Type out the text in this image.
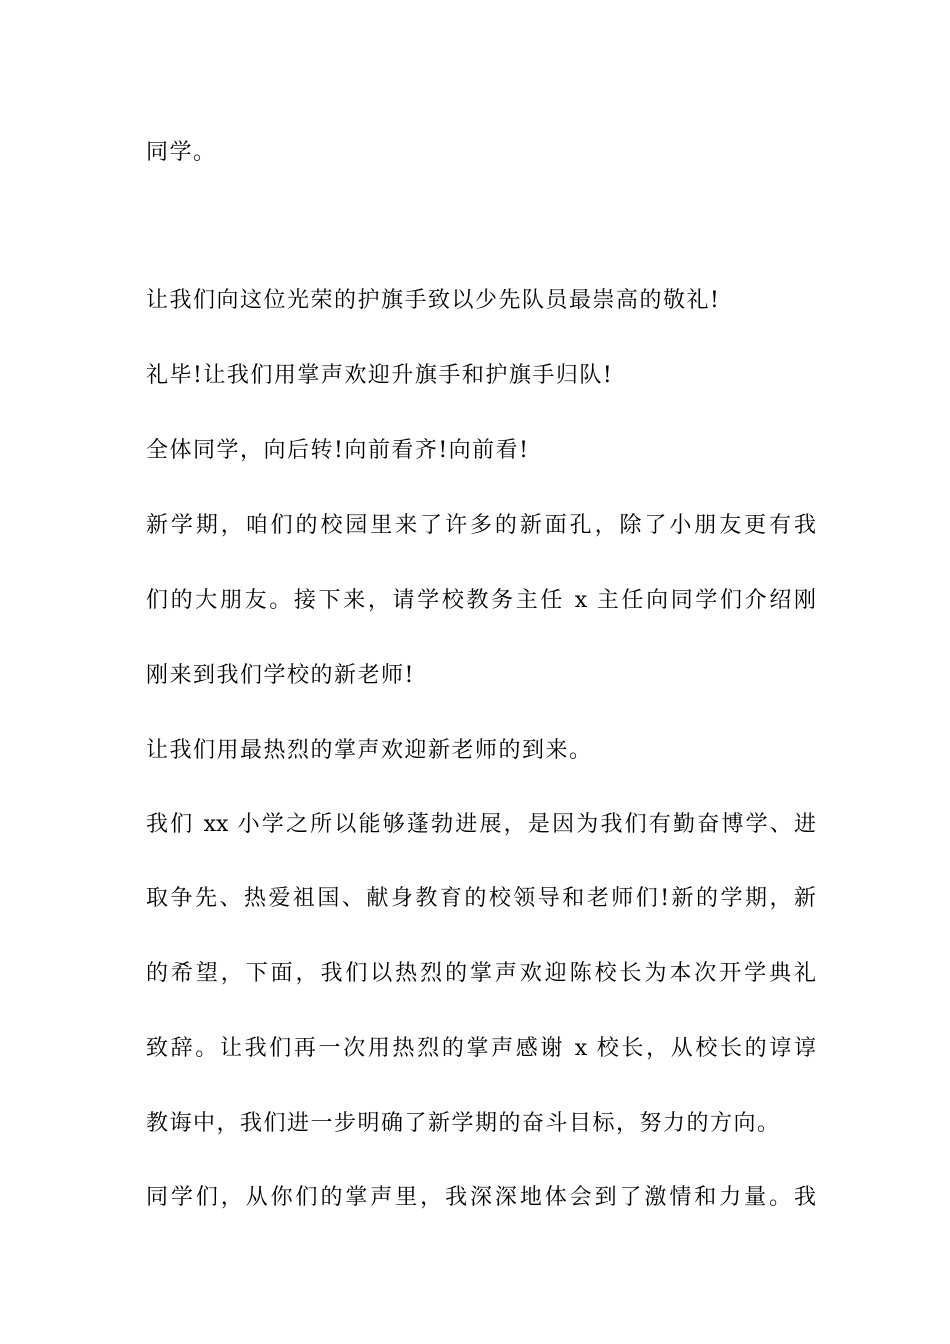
同学。
让我们向这位光荣的护旗手致以少先队员最崇高的敬礼!
礼毕!让我们用掌声欢迎升旗手和护旗手归队!
全体同学，向后转!向前看齐!向前看!
新学期，咱们的校园里来了许多的新面孔，除了小朋友更有我
们的大朋友。接下来，请学校教务主任 x 主任向同学们介绍刚
刚来到我们学校的新老师!
让我们用最热烈的掌声欢迎新老师的到来。
我们 xx 小学之所以能够蓬勃进展，是因为我们有勤奋博学、进
取争先、热爱祖国、献身教育的校领导和老师们!新的学期，新
的希望，下面，我们以热烈的掌声欢迎陈校长为本次开学典礼
致辞。让我们再一次用热烈的掌声感谢 x 校长，从校长的谆谆
教诲中，我们进一步明确了新学期的奋斗目标，努力的方向。
同学们，从你们的掌声里，我深深地体会到了激情和力量。我
